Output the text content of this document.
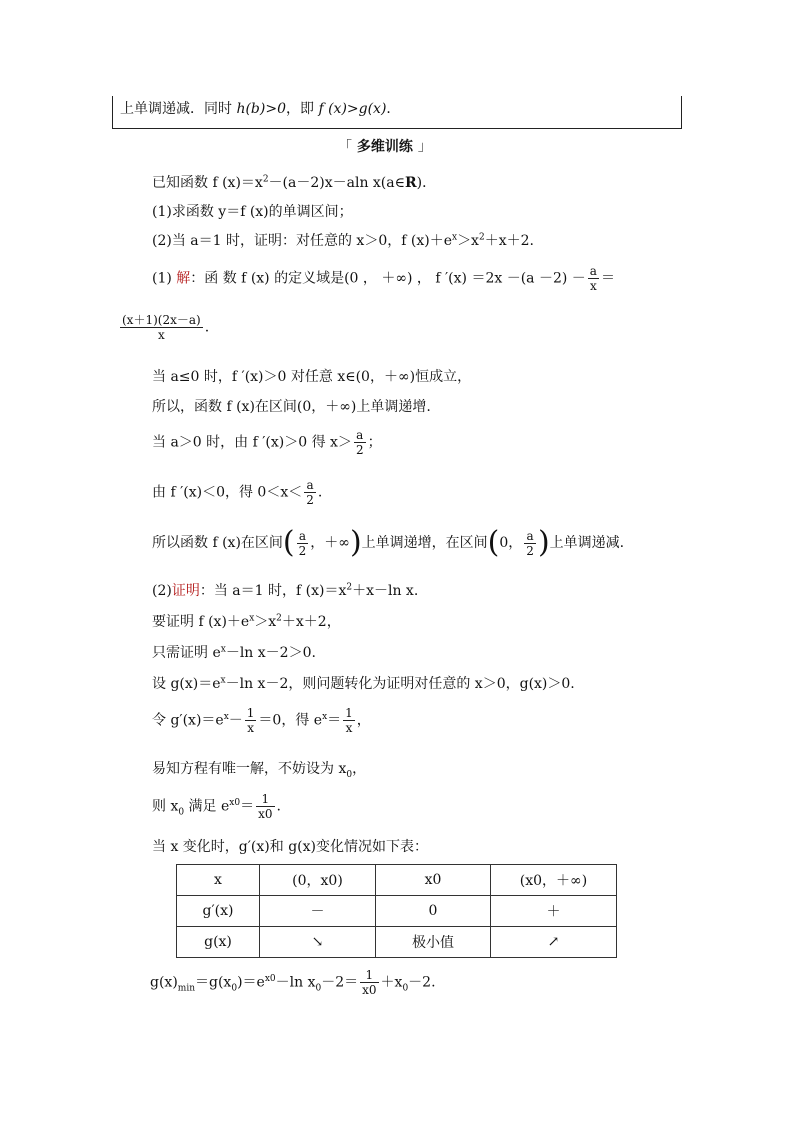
上单调递减．同时 h(b)>0，即 f (x)>g(x)．
「 多维训练 」
已知函数 f $(x)=x^2-(a-2)x-aln$ x(a∈R)．
(1)求函数 y＝f (x)的单调区间；
(2)当 a＝1 时，证明：对任意的 x＞0，f $(x)+e^x>x^2+x+2$.
(1) 解：函 数 f (x) 的定义域是(0 ， ＋∞) ， f $'(x) =2x -(a -2) - \frac{a}{x}$ ＝
$\frac{(x+1)(2x-a)}{x}$ .
当 a≤0 时，f ′(x)＞0 对任意 x∈(0，＋∞)恒成立，
所以，函数 f (x)在区间(0，＋∞)上单调递增.
当 a＞0 时，由 f ′(x)＞0 得 $x> \frac{a}{2}$ ；
由 f ′(x)＜0，得 $0<x< \frac{a}{2}$ .
所以函数 f (x)在区间( $\frac{a}{2}$ ，＋∞)上单调递增，在区间(0， $\frac{a}{2}$ )上单调递减.
(2)证明：当 a＝1 时，f $(x)=x^2+x-\ln$ x.
要证明 f $(x)+e^x>x^2+x+2$，
只需证明 $e^x-\ln$ x－2＞0.
设 $g(x)=e^x-\ln$ x－2，则问题转化为证明对任意的 x＞0，g(x)＞0.
令 $g'(x)=e^x- \frac{1}{x} =0$，得 $e^x= \frac{1}{x}$ ，
易知方程有唯一解，不妨设为 $x_0$，
则 $x_0$ 满足 $e^{x0}= \frac{1}{x0}$ .
当 x 变化时，g′(x)和 g(x)变化情况如下表：
x	(0，x0)	x0	(x0，＋∞)
g′(x)	－	0	＋
g(x)	↘	极小值	↗
$g(x)_{min}=g(x_0)=e^{x0}-\ln$ $x_0-2= \frac{1}{x0} +x_0-2$.
